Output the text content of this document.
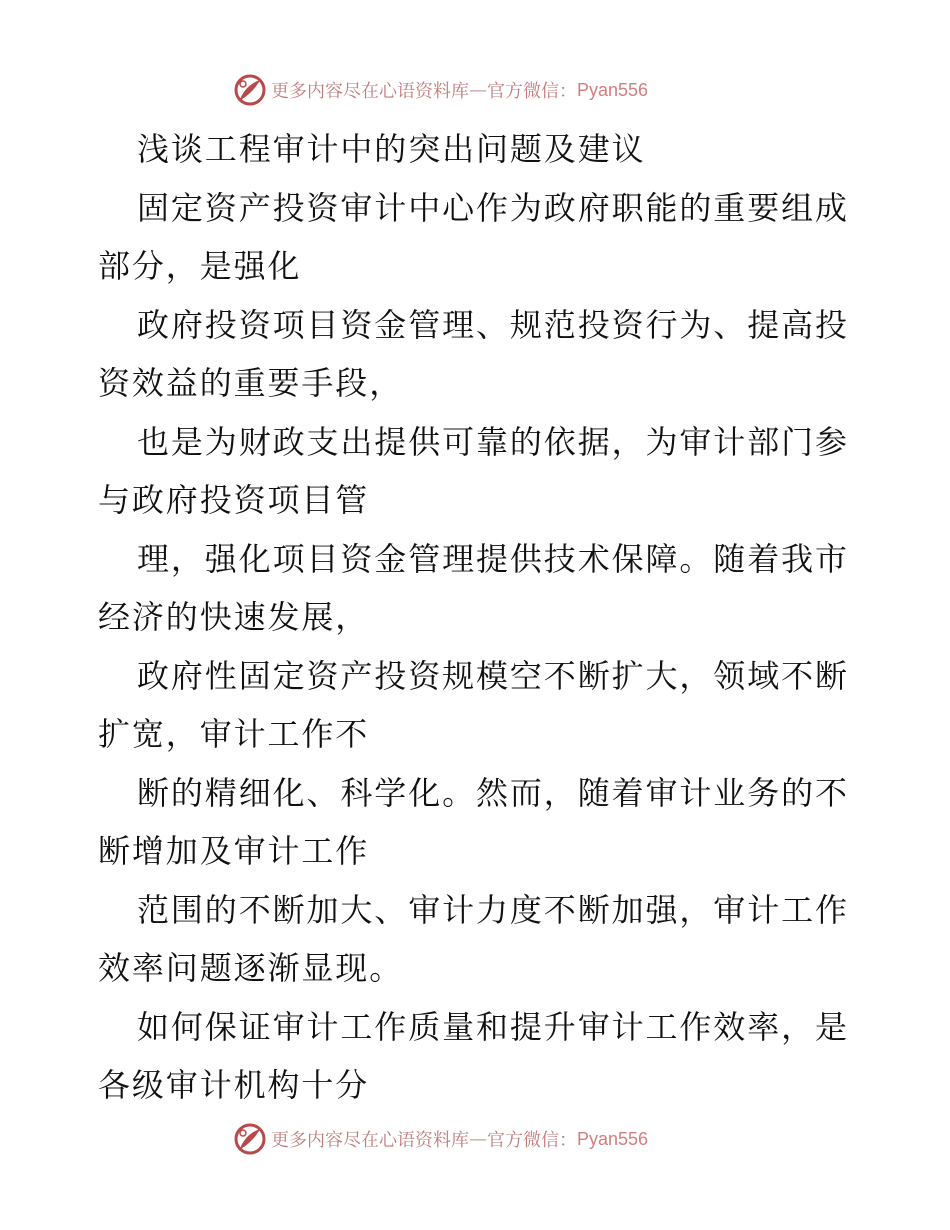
更多内容尽在心语资料库 — 官方微信： Pyan556
浅谈工程审计中的突出问题及建议
固定资产投资审计中心作为政府职能的重要组成
部分，是强化
政府投资项目资金管理、规范投资行为、提高投
资效益的重要手段，
也是为财政支出提供可靠的依据，为审计部门参
与政府投资项目管
理，强化项目资金管理提供技术保障。随着我市
经济的快速发展，
政府性固定资产投资规模空不断扩大，领域不断
扩宽，审计工作不
断的精细化、科学化。然而，随着审计业务的不
断增加及审计工作
范围的不断加大、审计力度不断加强，审计工作
效率问题逐渐显现。
如何保证审计工作质量和提升审计工作效率，是
各级审计机构十分
更多内容尽在心语资料库 — 官方微信： Pyan556
